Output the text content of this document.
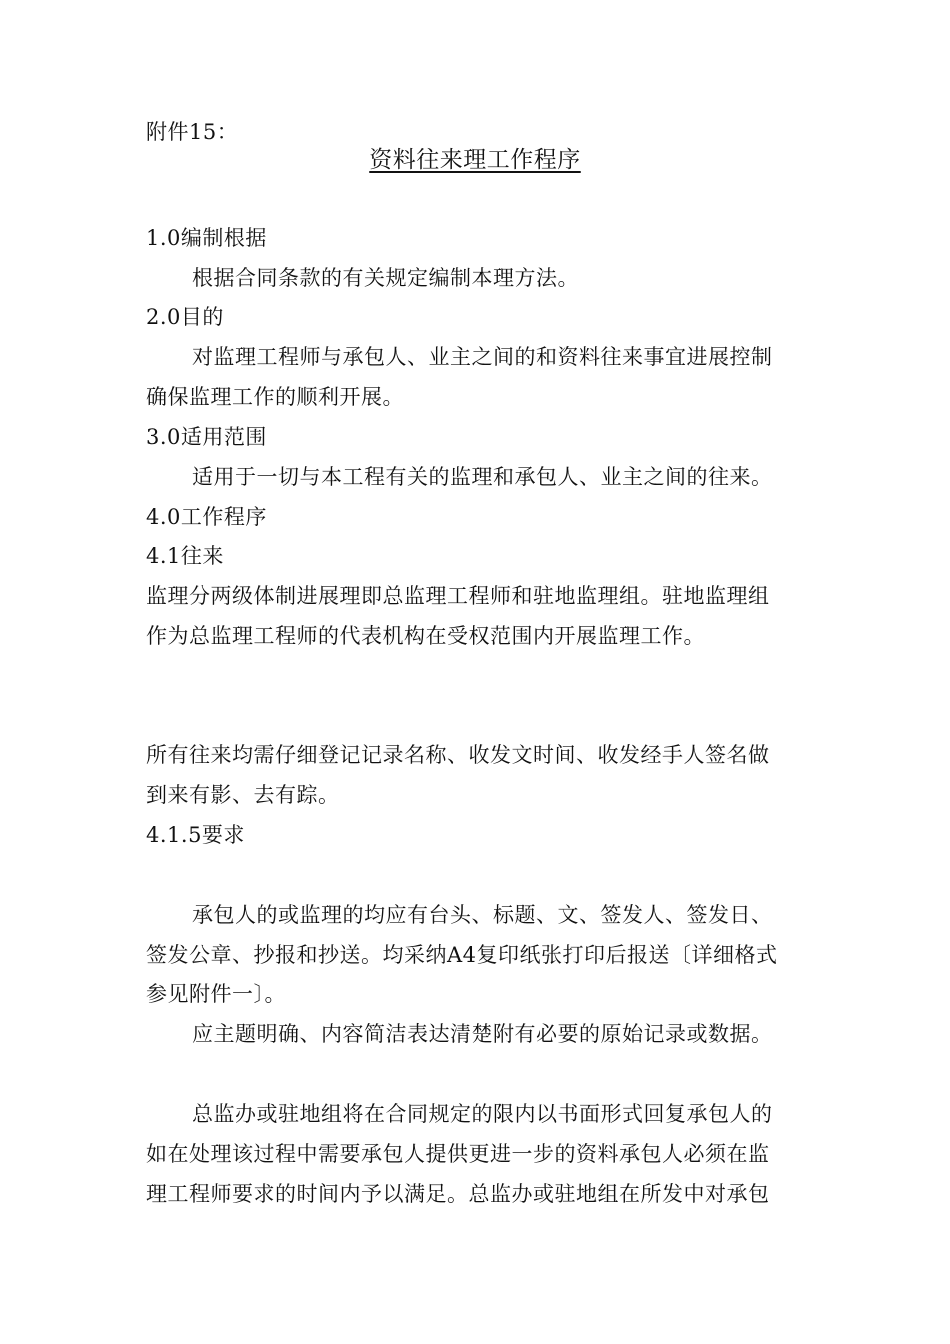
附件15：
资料往来理工作程序
1.0编制根据
根据合同条款的有关规定编制本理方法。
2.0目的
对监理工程师与承包人、业主之间的和资料往来事宜进展控制
确保监理工作的顺利开展。
3.0适用范围
适用于一切与本工程有关的监理和承包人、业主之间的往来。
4.0工作程序
4.1往来
监理分两级体制进展理即总监理工程师和驻地监理组。驻地监理组
作为总监理工程师的代表机构在受权范围内开展监理工作。
所有往来均需仔细登记记录名称、收发文时间、收发经手人签名做
到来有影、去有踪。
4.1.5要求
承包人的或监理的均应有台头、标题、文、签发人、签发日、
签发公章、抄报和抄送。均采纳A4复印纸张打印后报送〔详细格式
参见附件一〕。
应主题明确、内容简洁表达清楚附有必要的原始记录或数据。
总监办或驻地组将在合同规定的限内以书面形式回复承包人的
如在处理该过程中需要承包人提供更进一步的资料承包人必须在监
理工程师要求的时间内予以满足。总监办或驻地组在所发中对承包
